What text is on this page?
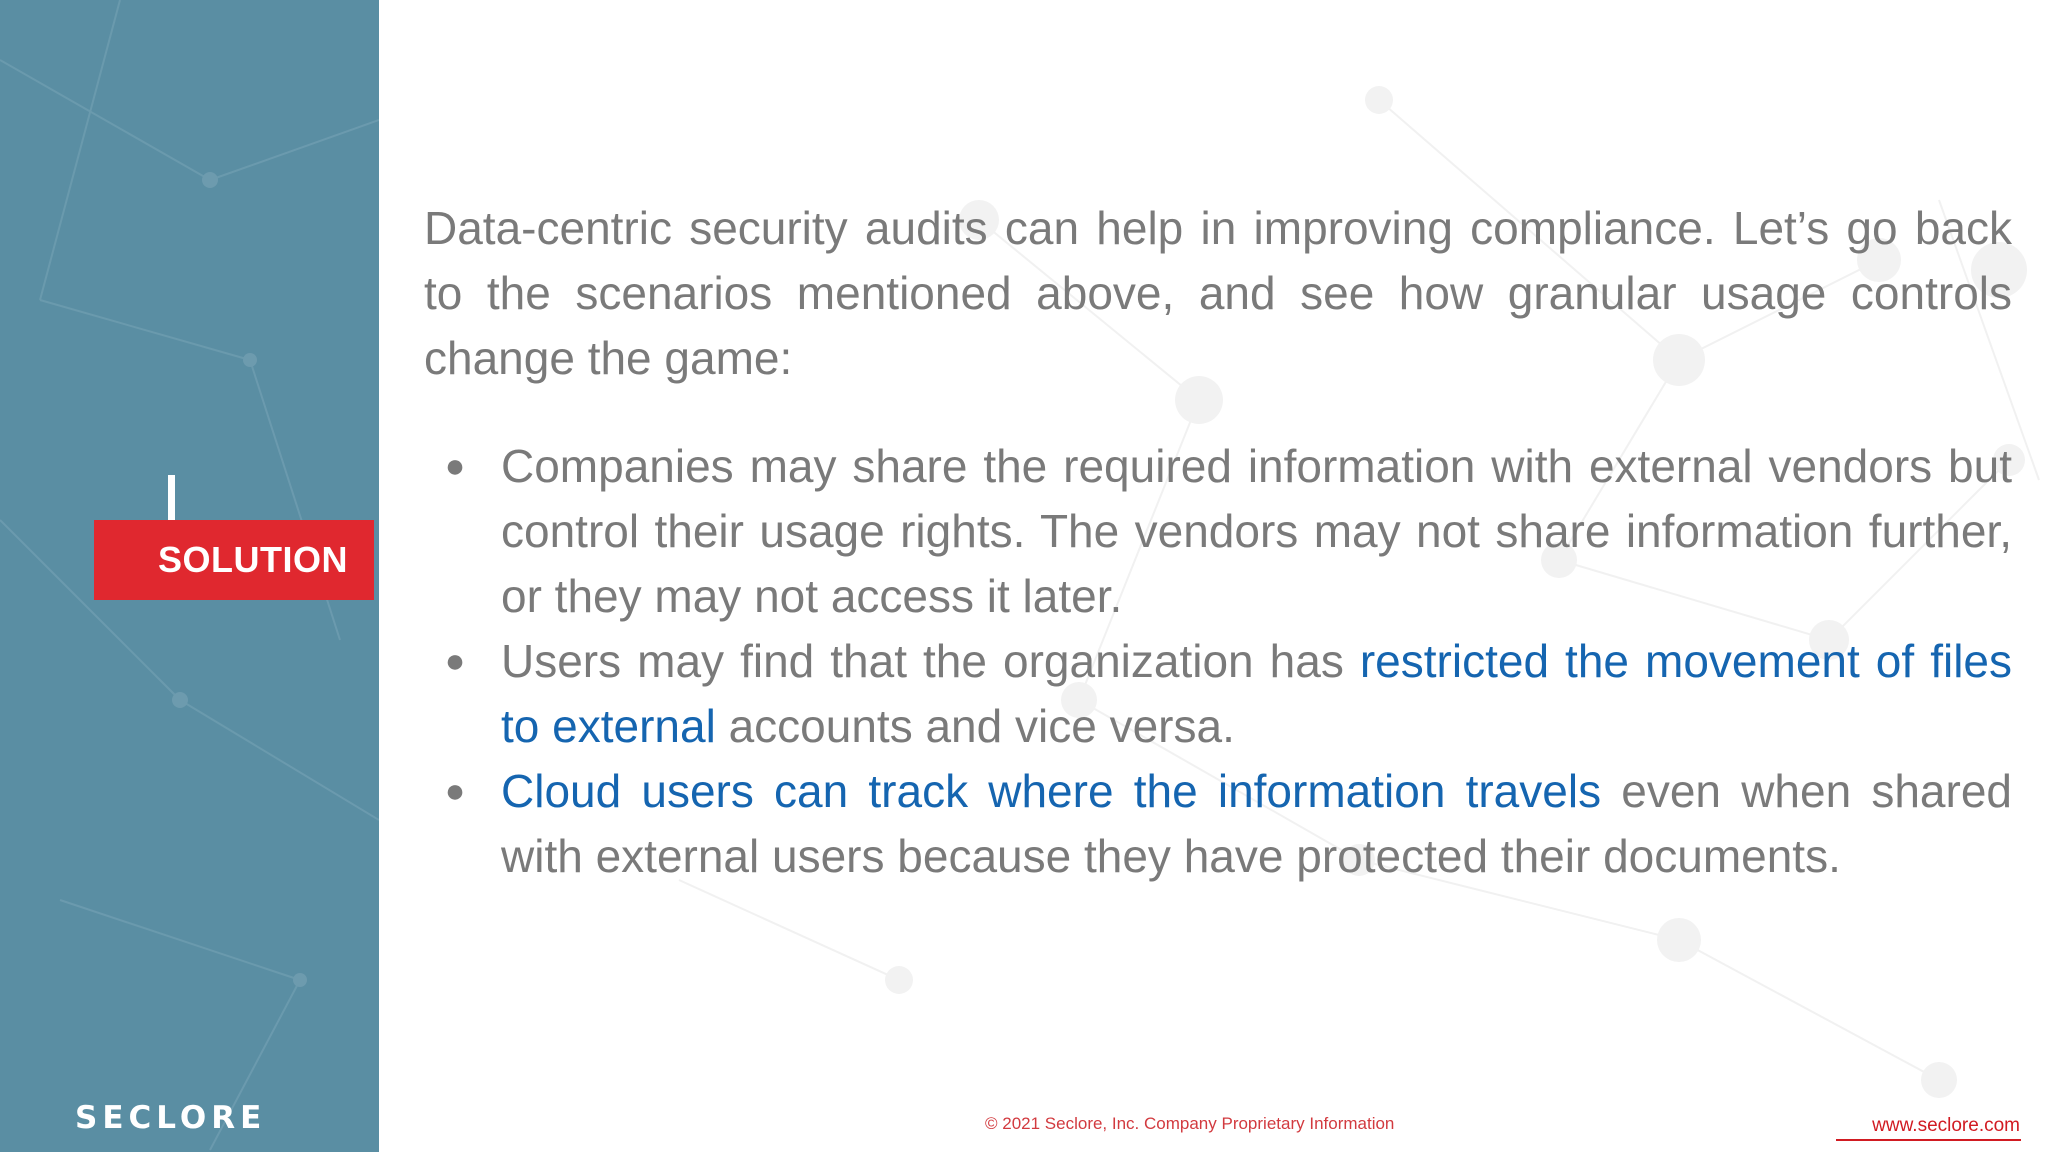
SOLUTION
SECLORE

Data-centric security audits can help in improving compliance. Let’s go back to the scenarios mentioned above, and see how granular usage controls change the game:

● Companies may share the required information with external vendors but control their usage rights. The vendors may not share information further, or they may not access it later.
● Users may find that the organization has restricted the movement of files to external accounts and vice versa.
● Cloud users can track where the information travels even when shared with external users because they have protected their documents.
© 2021 Seclore, Inc. Company Proprietary Information	www.seclore.com
